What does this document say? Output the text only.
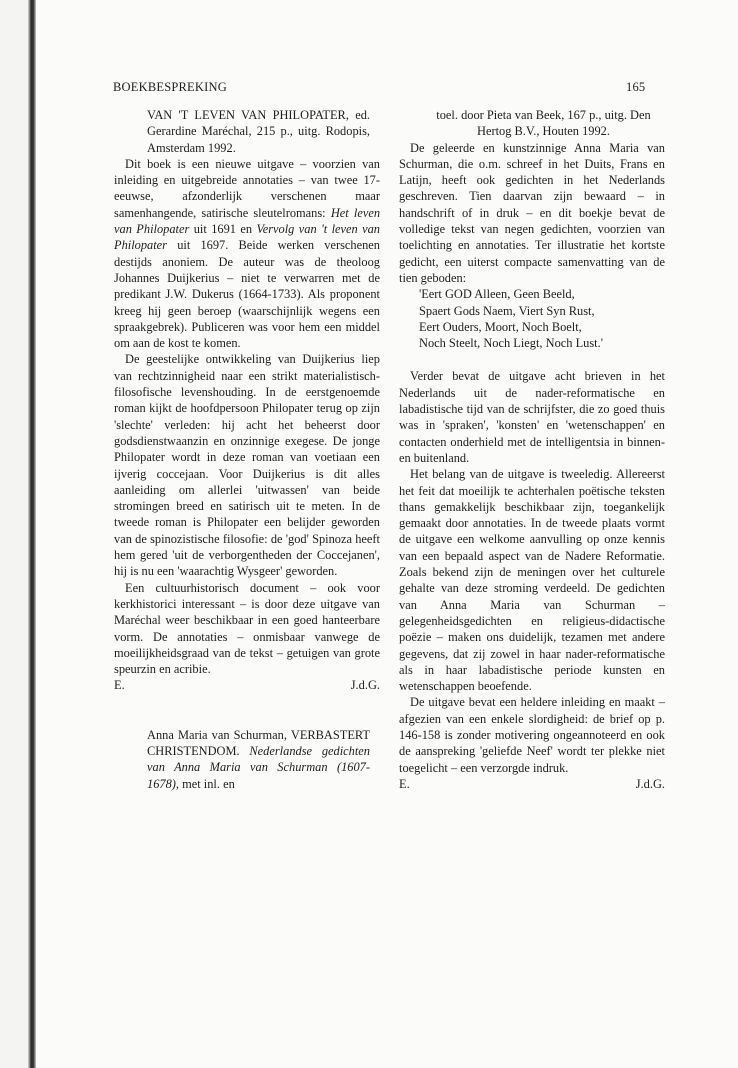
BOEKBESPREKING	165

VAN 'T LEVEN VAN PHILOPATER, ed. Gerardine Maréchal, 215 p., uitg. Rodopis, Amsterdam 1992.

Dit boek is een nieuwe uitgave – voorzien van inleiding en uitgebreide annotaties – van twee 17-eeuwse, afzonderlijk verschenen maar samenhangende, satirische sleutelromans: Het leven van Philopater uit 1691 en Vervolg van 't leven van Philopater uit 1697. Beide werken verschenen destijds anoniem. De auteur was de theoloog Johannes Duijkerius – niet te verwarren met de predikant J.W. Dukerus (1664-1733). Als proponent kreeg hij geen beroep (waarschijnlijk wegens een spraakgebrek). Publiceren was voor hem een middel om aan de kost te komen.

De geestelijke ontwikkeling van Duijkerius liep van rechtzinnigheid naar een strikt materialistisch-filosofische levenshouding. In de eerstgenoemde roman kijkt de hoofdpersoon Philopater terug op zijn 'slechte' verleden: hij acht het beheerst door godsdienstwaanzin en onzinnige exegese. De jonge Philopater wordt in deze roman van voetiaan een ijverig coccejaan. Voor Duijkerius is dit alles aanleiding om allerlei 'uitwassen' van beide stromingen breed en satirisch uit te meten. In de tweede roman is Philopater een belijder geworden van de spinozistische filosofie: de 'god' Spinoza heeft hem gered 'uit de verborgentheden der Coccejanen', hij is nu een 'waarachtig Wysgeer' geworden.

Een cultuurhistorisch document – ook voor kerkhistorici interessant – is door deze uitgave van Maréchal weer beschikbaar in een goed hanteerbare vorm. De annotaties – onmisbaar vanwege de moeilijkheidsgraad van de tekst – getuigen van grote speurzin en acribie.

E.	J.d.G.

Anna Maria van Schurman, VERBASTERT CHRISTENDOM. Nederlandse gedichten van Anna Maria van Schurman (1607-1678), met inl. en

toel. door Pieta van Beek, 167 p., uitg. Den Hertog B.V., Houten 1992.

De geleerde en kunstzinnige Anna Maria van Schurman, die o.m. schreef in het Duits, Frans en Latijn, heeft ook gedichten in het Nederlands geschreven. Tien daarvan zijn bewaard – in handschrift of in druk – en dit boekje bevat de volledige tekst van negen gedichten, voorzien van toelichting en annotaties. Ter illustratie het kortste gedicht, een uiterst compacte samenvatting van de tien geboden:

'Eert GOD Alleen, Geen Beeld,
Spaert Gods Naem, Viert Syn Rust,
Eert Ouders, Moort, Noch Boelt,
Noch Steelt, Noch Liegt, Noch Lust.'

Verder bevat de uitgave acht brieven in het Nederlands uit de nader-reformatische en labadistische tijd van de schrijfster, die zo goed thuis was in 'spraken', 'konsten' en 'wetenschappen' en contacten onderhield met de intelligentsia in binnen- en buitenland.

Het belang van de uitgave is tweeledig. Allereerst het feit dat moeilijk te achterhalen poëtische teksten thans gemakkelijk beschikbaar zijn, toegankelijk gemaakt door annotaties. In de tweede plaats vormt de uitgave een welkome aanvulling op onze kennis van een bepaald aspect van de Nadere Reformatie. Zoals bekend zijn de meningen over het culturele gehalte van deze stroming verdeeld. De gedichten van Anna Maria van Schurman – gelegenheidsgedichten en religieus-didactische poëzie – maken ons duidelijk, tezamen met andere gegevens, dat zij zowel in haar nader-reformatische als in haar labadistische periode kunsten en wetenschappen beoefende.

De uitgave bevat een heldere inleiding en maakt – afgezien van een enkele slordigheid: de brief op p. 146-158 is zonder motivering ongeannoteerd en ook de aanspreking 'geliefde Neef' wordt ter plekke niet toegelicht – een verzorgde indruk.

E.	J.d.G.
